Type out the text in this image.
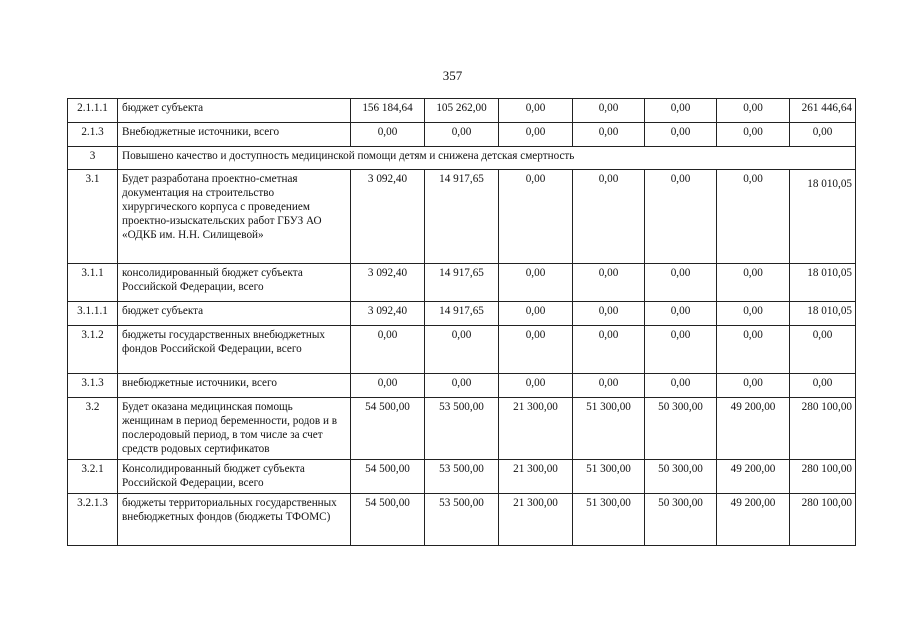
357
2.1.1.1	бюджет субъекта	156 184,64	105 262,00	0,00	0,00	0,00	0,00	261 446,64
2.1.3	Внебюджетные источники, всего	0,00	0,00	0,00	0,00	0,00	0,00	0,00
3	Повышено качество и доступность медицинской помощи детям и снижена детская смертность							
3.1	Будет разработана проектно-сметная документация на строительство хирургического корпуса с проведением проектно-изыскательских работ ГБУЗ АО «ОДКБ им. Н.Н. Силищевой»	3 092,40	14 917,65	0,00	0,00	0,00	0,00	18 010,05
3.1.1	консолидированный бюджет субъекта Российской Федерации, всего	3 092,40	14 917,65	0,00	0,00	0,00	0,00	18 010,05
3.1.1.1	бюджет субъекта	3 092,40	14 917,65	0,00	0,00	0,00	0,00	18 010,05
3.1.2	бюджеты государственных внебюджетных фондов Российской Федерации, всего	0,00	0,00	0,00	0,00	0,00	0,00	0,00
3.1.3	внебюджетные источники, всего	0,00	0,00	0,00	0,00	0,00	0,00	0,00
3.2	Будет оказана медицинская помощь женщинам в период беременности, родов и в послеродовый период, в том числе за счет средств родовых сертификатов	54 500,00	53 500,00	21 300,00	51 300,00	50 300,00	49 200,00	280 100,00
3.2.1	Консолидированный бюджет субъекта Российской Федерации, всего	54 500,00	53 500,00	21 300,00	51 300,00	50 300,00	49 200,00	280 100,00
3.2.1.3	бюджеты территориальных государственных внебюджетных фондов (бюджеты ТФОМС)	54 500,00	53 500,00	21 300,00	51 300,00	50 300,00	49 200,00	280 100,00
